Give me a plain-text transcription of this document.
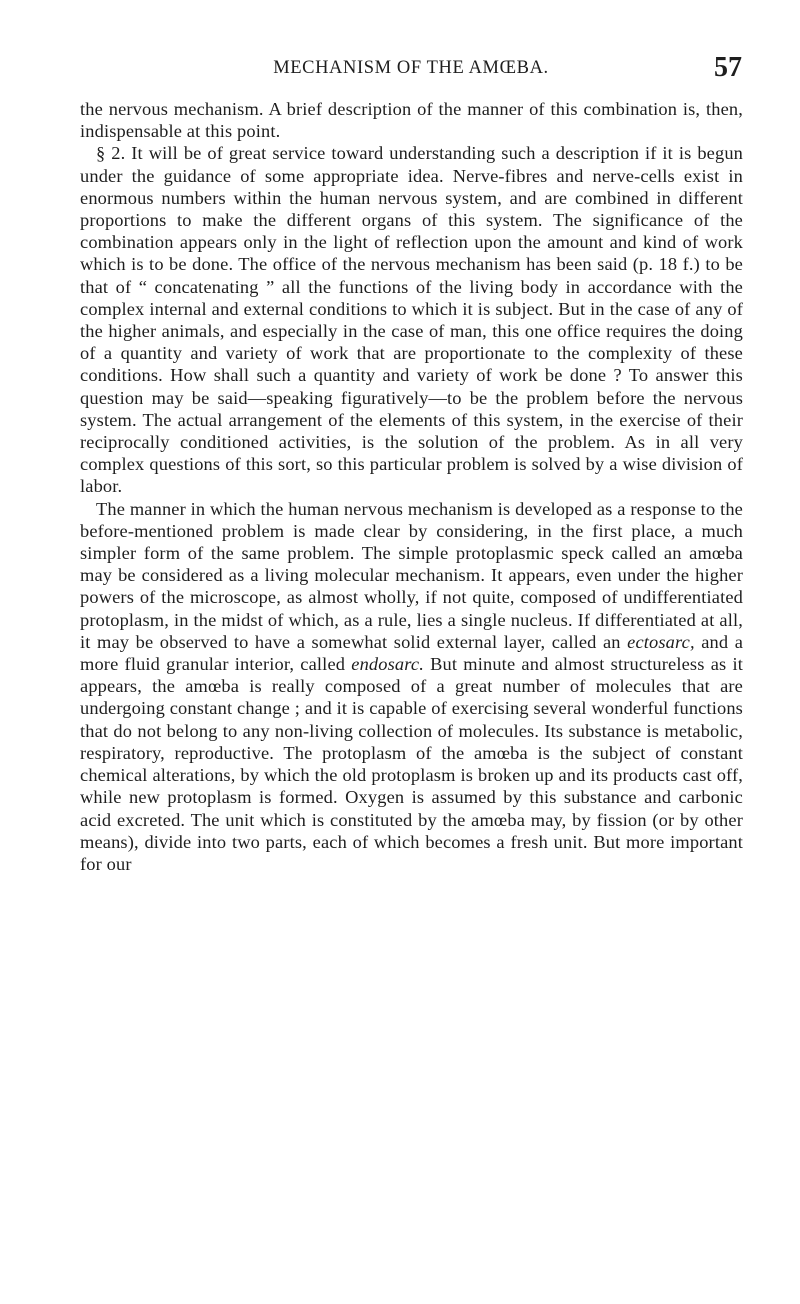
MECHANISM OF THE AMŒBA.	57

the nervous mechanism. A brief description of the manner of this combination is, then, indispensable at this point.

§ 2. It will be of great service toward understanding such a description if it is begun under the guidance of some appropriate idea. Nerve-fibres and nerve-cells exist in enormous numbers within the human nervous system, and are combined in different proportions to make the different organs of this system. The significance of the combination appears only in the light of reflection upon the amount and kind of work which is to be done. The office of the nervous mechanism has been said (p. 18 f.) to be that of “ concatenating ” all the functions of the living body in accordance with the complex internal and external conditions to which it is subject. But in the case of any of the higher animals, and especially in the case of man, this one office requires the doing of a quantity and variety of work that are proportionate to the complexity of these conditions. How shall such a quantity and variety of work be done ? To answer this question may be said—speaking figuratively—to be the problem before the nervous system. The actual arrangement of the elements of this system, in the exercise of their reciprocally conditioned activities, is the solution of the problem. As in all very complex questions of this sort, so this particular problem is solved by a wise division of labor.

The manner in which the human nervous mechanism is developed as a response to the before-mentioned problem is made clear by considering, in the first place, a much simpler form of the same problem. The simple protoplasmic speck called an amœba may be considered as a living molecular mechanism. It appears, even under the higher powers of the microscope, as almost wholly, if not quite, composed of undifferentiated protoplasm, in the midst of which, as a rule, lies a single nucleus. If differentiated at all, it may be observed to have a somewhat solid external layer, called an ectosarc, and a more fluid granular interior, called endosarc. But minute and almost structureless as it appears, the amœba is really composed of a great number of molecules that are undergoing constant change ; and it is capable of exercising several wonderful functions that do not belong to any non-living collection of molecules. Its substance is metabolic, respiratory, reproductive. The protoplasm of the amœba is the subject of constant chemical alterations, by which the old protoplasm is broken up and its products cast off, while new protoplasm is formed. Oxygen is assumed by this substance and carbonic acid excreted. The unit which is constituted by the amœba may, by fission (or by other means), divide into two parts, each of which becomes a fresh unit. But more important for our
